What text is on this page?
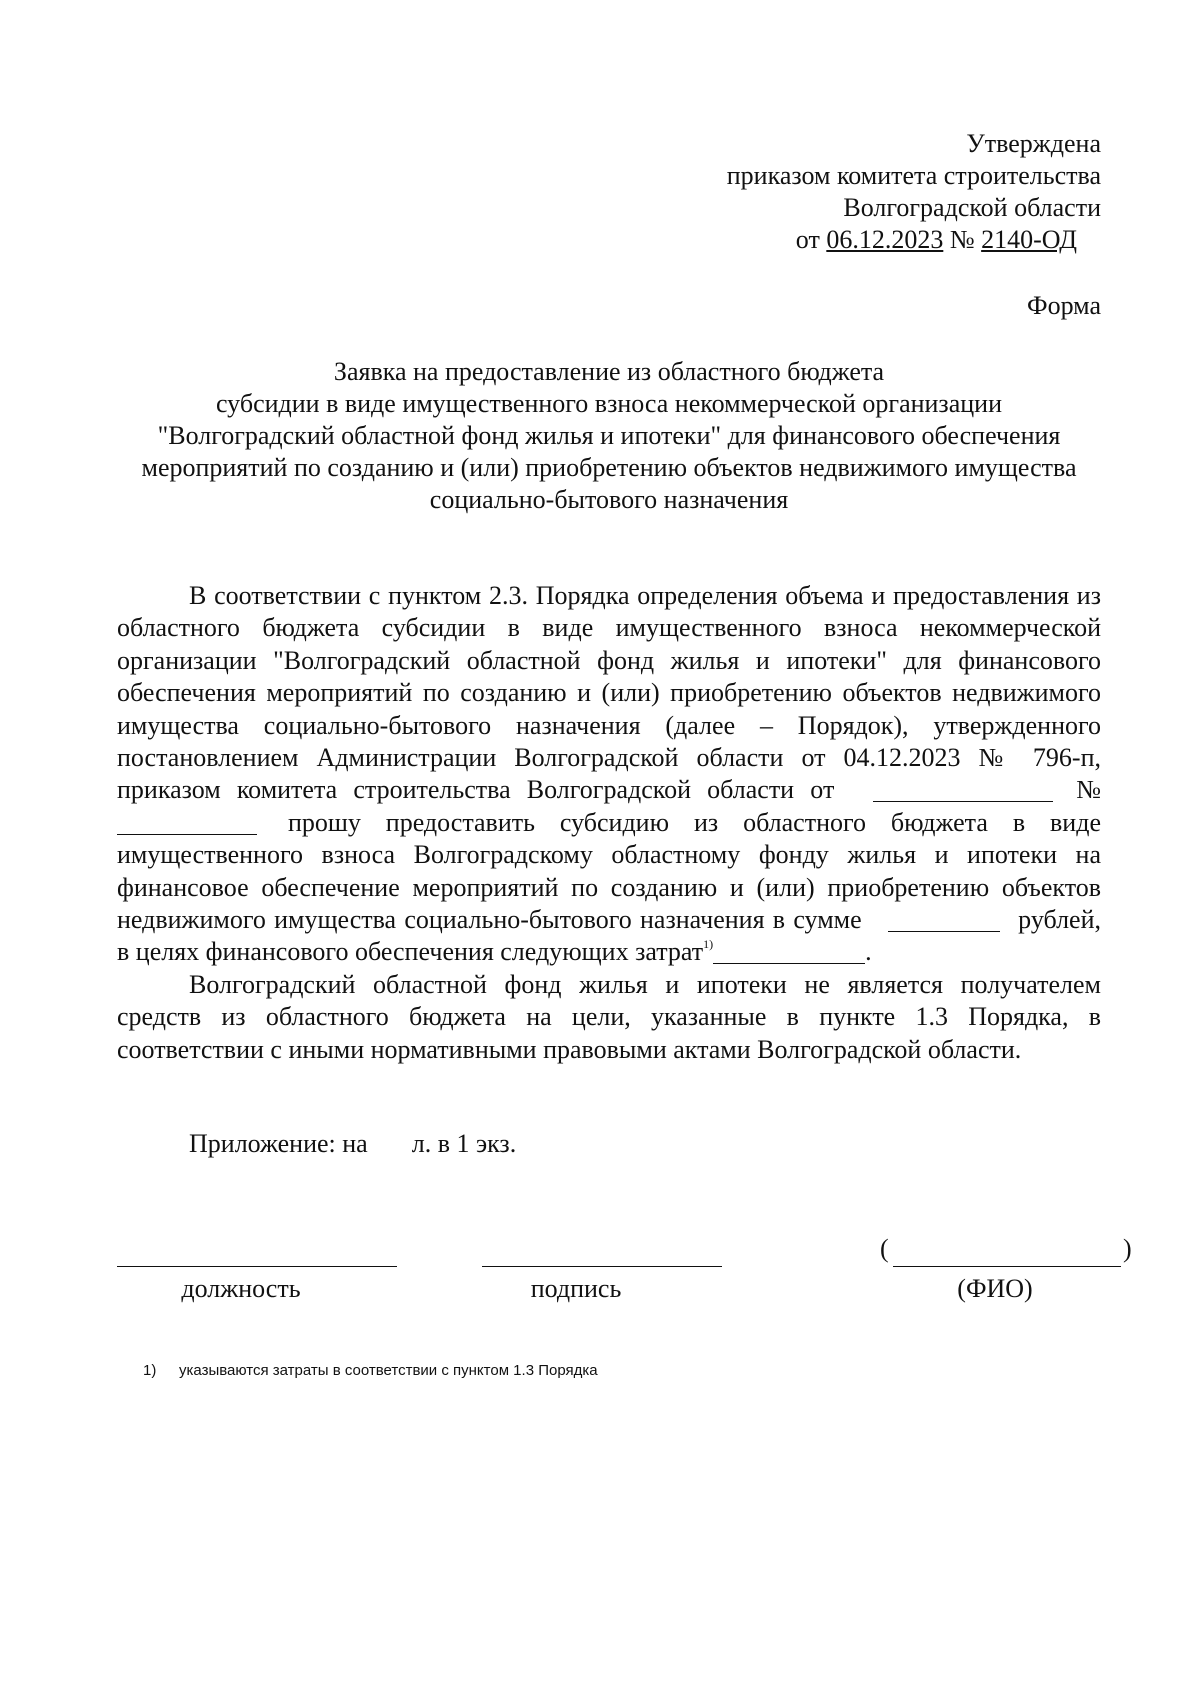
Утверждена
приказом комитета строительства
Волгоградской области
от 06.12.2023 № 2140-ОД
Форма
Заявка на предоставление из областного бюджета
субсидии в виде имущественного взноса некоммерческой организации
"Волгоградский областной фонд жилья и ипотеки" для финансового обеспечения
мероприятий по созданию и (или) приобретению объектов недвижимого имущества
социально-бытового назначения

В соответствии с пунктом 2.3. Порядка определения объема и предоставления из областного бюджета субсидии в виде имущественного взноса некоммерческой организации "Волгоградский областной фонд жилья и ипотеки" для финансового обеспечения мероприятий по созданию и (или) приобретению объектов недвижимого имущества социально-бытового назначения (далее – Порядок), утвержденного постановлением Администрации Волгоградской области от 04.12.2023 № 796-п, приказом комитета строительства Волгоградской области от	№ прошу предоставить субсидию из областного бюджета в виде имущественного взноса Волгоградскому областному фонду жилья и ипотеки на финансовое обеспечение мероприятий по созданию и (или) приобретению объектов недвижимого имущества социально-бытового назначения в сумме	рублей, в целях финансового обеспечения следующих затрат$^{1)}$	.

Волгоградский областной фонд жилья и ипотеки не является получателем средств из областного бюджета на цели, указанные в пункте 1.3 Порядка, в соответствии с иными нормативными правовыми актами Волгоградской области.

Приложение: на л. в 1 экз.
должность	подпись
(	)
(ФИО)
1) указываются затраты в соответствии с пунктом 1.3 Порядка
